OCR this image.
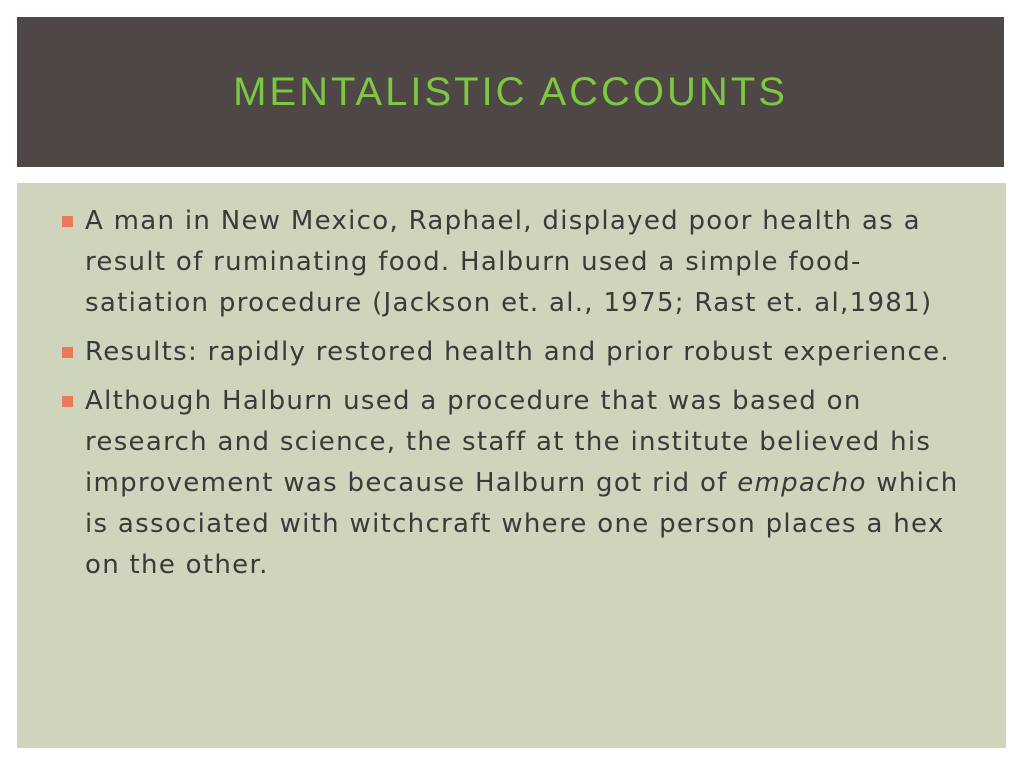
MENTALISTIC ACCOUNTS
A man in New Mexico, Raphael, displayed poor health as a result of ruminating food. Halburn used a simple food-satiation procedure (Jackson et. al., 1975; Rast et. al,1981)
Results: rapidly restored health and prior robust experience.
Although Halburn used a procedure that was based on research and science, the staff at the institute believed his improvement was because Halburn got rid of empacho which is associated with witchcraft where one person places a hex on the other.
